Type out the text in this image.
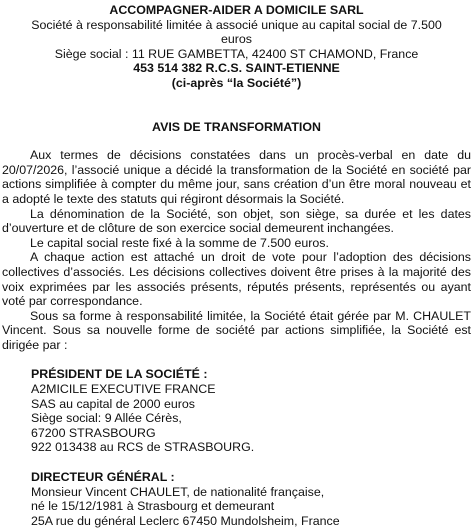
ACCOMPAGNER-AIDER A DOMICILE SARL
Société à responsabilité limitée à associé unique au capital social de 7.500
euros
Siège social : 11 RUE GAMBETTA, 42400 ST CHAMOND, France
453 514 382 R.C.S. SAINT-ETIENNE
(ci-après “la Société”)
AVIS DE TRANSFORMATION

Aux termes de décisions constatées dans un procès-verbal en date du 20/07/2026, l’associé unique a décidé la transformation de la Société en société par actions simplifiée à compter du même jour, sans création d’un être moral nouveau et a adopté le texte des statuts qui régiront désormais la Société.

La dénomination de la Société, son objet, son siège, sa durée et les dates d’ouverture et de clôture de son exercice social demeurent inchangées.

Le capital social reste fixé à la somme de 7.500 euros.

A chaque action est attaché un droit de vote pour l’adoption des décisions collectives d’associés. Les décisions collectives doivent être prises à la majorité des voix exprimées par les associés présents, réputés présents, représentés ou ayant voté par correspondance.

Sous sa forme à responsabilité limitée, la Société était gérée par M. CHAULET Vincent. Sous sa nouvelle forme de société par actions simplifiée, la Société est dirigée par :

PRÉSIDENT DE LA SOCIÉTÉ :
A2MICILE EXECUTIVE FRANCE
SAS au capital de 2000 euros
Siège social: 9 Allée Cérès,
67200 STRASBOURG
922 013438 au RCS de STRASBOURG.
DIRECTEUR GÉNÉRAL :
Monsieur Vincent CHAULET, de nationalité française,
né le 15/12/1981 à Strasbourg et demeurant
25A rue du général Leclerc 67450 Mundolsheim, France
